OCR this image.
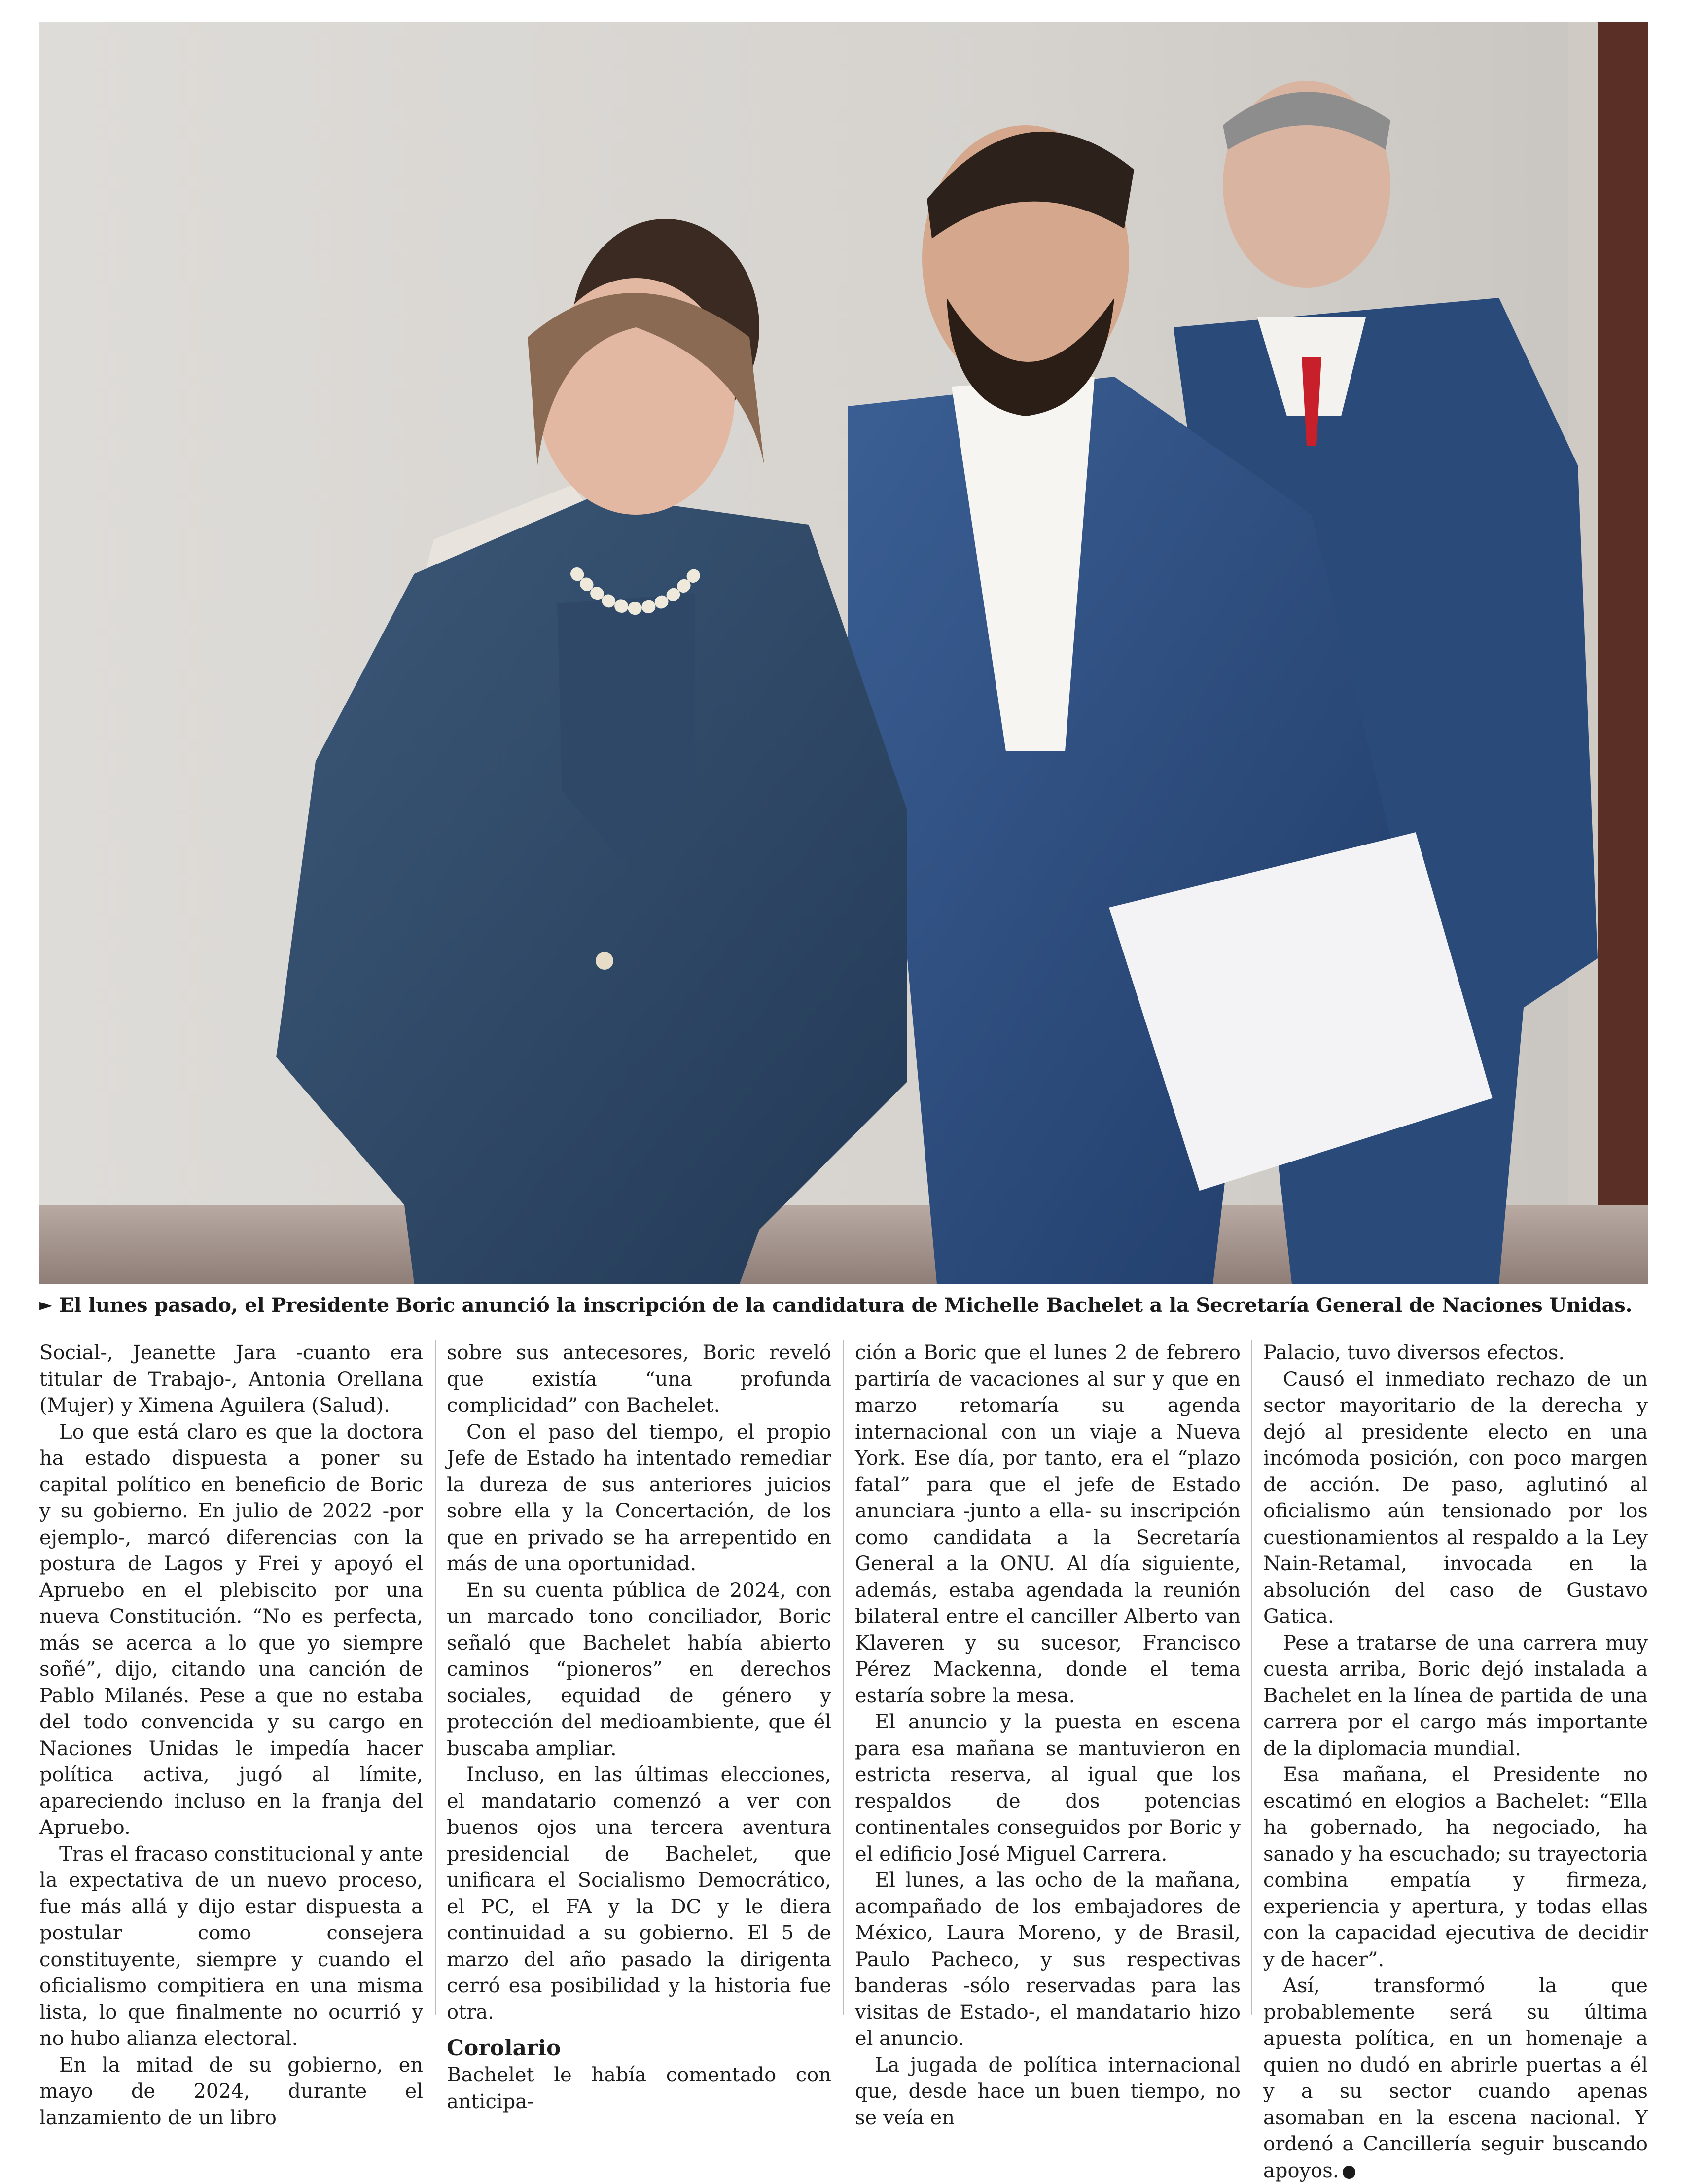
► El lunes pasado, el Presidente Boric anunció la inscripción de la candidatura de Michelle Bachelet a la Secretaría General de Naciones Unidas.

Social-, Jeanette Jara -cuanto era titular de Trabajo-, Antonia Orellana (Mujer) y Ximena Aguilera (Salud).

Lo que está claro es que la doctora ha estado dispuesta a poner su capital político en beneficio de Boric y su gobierno. En julio de 2022 -por ejemplo-, marcó diferencias con la postura de Lagos y Frei y apoyó el Apruebo en el plebiscito por una nueva Constitución. “No es perfecta, más se acerca a lo que yo siempre soñé”, dijo, citando una canción de Pablo Milanés. Pese a que no estaba del todo convencida y su cargo en Naciones Unidas le impedía hacer política activa, jugó al límite, apareciendo incluso en la franja del Apruebo.

Tras el fracaso constitucional y ante la expectativa de un nuevo proceso, fue más allá y dijo estar dispuesta a postular como consejera constituyente, siempre y cuando el oficialismo compitiera en una misma lista, lo que finalmente no ocurrió y no hubo alianza electoral.

En la mitad de su gobierno, en mayo de 2024, durante el lanzamiento de un libro

sobre sus antecesores, Boric reveló que existía “una profunda complicidad” con Bachelet.

Con el paso del tiempo, el propio Jefe de Estado ha intentado remediar la dureza de sus anteriores juicios sobre ella y la Concertación, de los que en privado se ha arrepentido en más de una oportunidad.

En su cuenta pública de 2024, con un marcado tono conciliador, Boric señaló que Bachelet había abierto caminos “pioneros” en derechos sociales, equidad de género y protección del medioambiente, que él buscaba ampliar.

Incluso, en las últimas elecciones, el mandatario comenzó a ver con buenos ojos una tercera aventura presidencial de Bachelet, que unificara el Socialismo Democrático, el PC, el FA y la DC y le diera continuidad a su gobierno. El 5 de marzo del año pasado la dirigenta cerró esa posibilidad y la historia fue otra.

Corolario

Bachelet le había comentado con anticipa-

ción a Boric que el lunes 2 de febrero partiría de vacaciones al sur y que en marzo retomaría su agenda internacional con un viaje a Nueva York. Ese día, por tanto, era el “plazo fatal” para que el jefe de Estado anunciara -junto a ella- su inscripción como candidata a la Secretaría General a la ONU. Al día siguiente, además, estaba agendada la reunión bilateral entre el canciller Alberto van Klaveren y su sucesor, Francisco Pérez Mackenna, donde el tema estaría sobre la mesa.

El anuncio y la puesta en escena para esa mañana se mantuvieron en estricta reserva, al igual que los respaldos de dos potencias continentales conseguidos por Boric y el edificio José Miguel Carrera.

El lunes, a las ocho de la mañana, acompañado de los embajadores de México, Laura Moreno, y de Brasil, Paulo Pacheco, y sus respectivas banderas -sólo reservadas para las visitas de Estado-, el mandatario hizo el anuncio.

La jugada de política internacional que, desde hace un buen tiempo, no se veía en

Palacio, tuvo diversos efectos.

Causó el inmediato rechazo de un sector mayoritario de la derecha y dejó al presidente electo en una incómoda posición, con poco margen de acción. De paso, aglutinó al oficialismo aún tensionado por los cuestionamientos al respaldo a la Ley Nain-Retamal, invocada en la absolución del caso de Gustavo Gatica.

Pese a tratarse de una carrera muy cuesta arriba, Boric dejó instalada a Bachelet en la línea de partida de una carrera por el cargo más importante de la diplomacia mundial.

Esa mañana, el Presidente no escatimó en elogios a Bachelet: “Ella ha gobernado, ha negociado, ha sanado y ha escuchado; su trayectoria combina empatía y firmeza, experiencia y apertura, y todas ellas con la capacidad ejecutiva de decidir y de hacer”.

Así, transformó la que probablemente será su última apuesta política, en un homenaje a quien no dudó en abrirle puertas a él y a su sector cuando apenas asomaban en la escena nacional. Y ordenó a Cancillería seguir buscando apoyos.	Ⓟ
